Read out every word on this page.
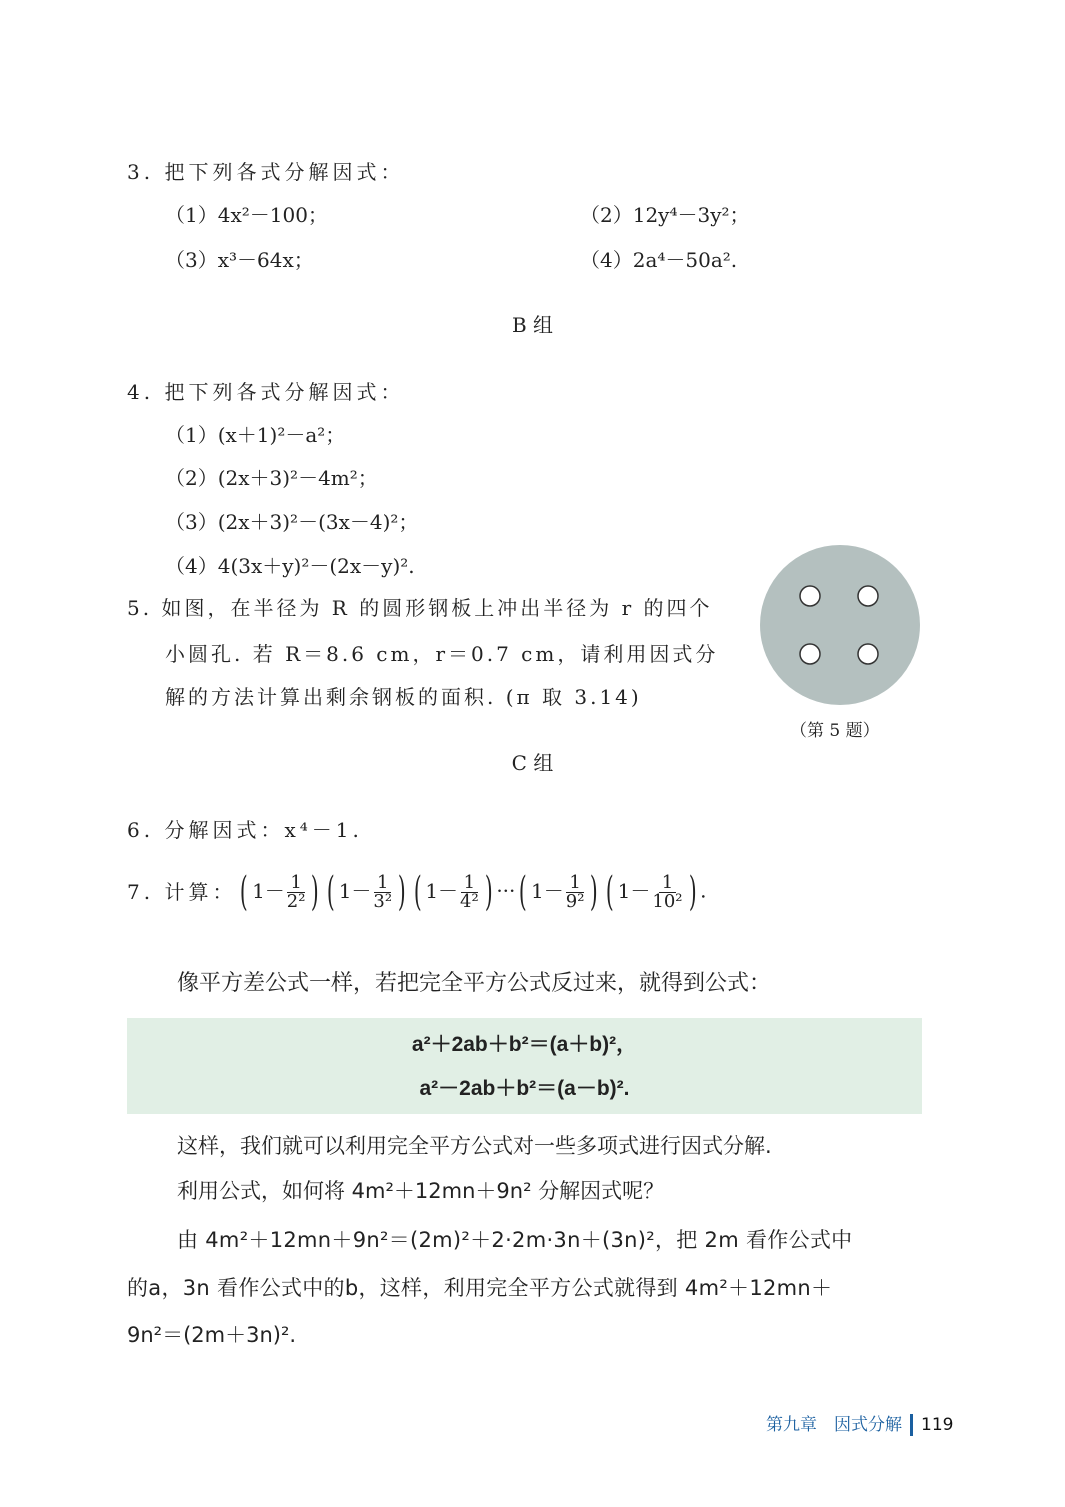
3. 把下列各式分解因式：
（1）4x²－100；	（2）12y⁴－3y²；
（3）x³－64x；	（4）2a⁴－50a².
B 组
4. 把下列各式分解因式：
（1）(x＋1)²－a²；
（2）(2x＋3)²－4m²；
（3）(2x＋3)²－(3x－4)²；
（4）4(3x＋y)²－(2x－y)².
5. 如图，在半径为 R 的圆形钢板上冲出半径为 r 的四个
小圆孔. 若 R＝8.6 cm，r＝0.7 cm，请利用因式分
解的方法计算出剩余钢板的面积. (π 取 3.14)
（第 5 题）
C 组
6. 分解因式：x⁴－1.
7. 计算： ( $1- \frac{1}{\text{2²}}$ ) ( $1- \frac{1}{\text{3²}}$ ) ( $1- \frac{1}{\text{4²}}$ ) ···( $1- \frac{1}{\text{9²}}$ ) ( $1- \frac{1}{\text{10²}}$ ) .
像平方差公式一样，若把完全平方公式反过来，就得到公式：
a²＋2ab＋b²＝(a＋b)²，
a²－2ab＋b²＝(a－b)².
这样，我们就可以利用完全平方公式对一些多项式进行因式分解.
利用公式，如何将 4m²＋12mn＋9n² 分解因式呢？
由 4m²＋12mn＋9n²＝(2m)²＋2·2m·3n＋(3n)²，把 2m 看作公式中
的a，3n 看作公式中的b，这样，利用完全平方公式就得到 4m²＋12mn＋
9n²＝(2m＋3n)².
第九章　因式分解 119
